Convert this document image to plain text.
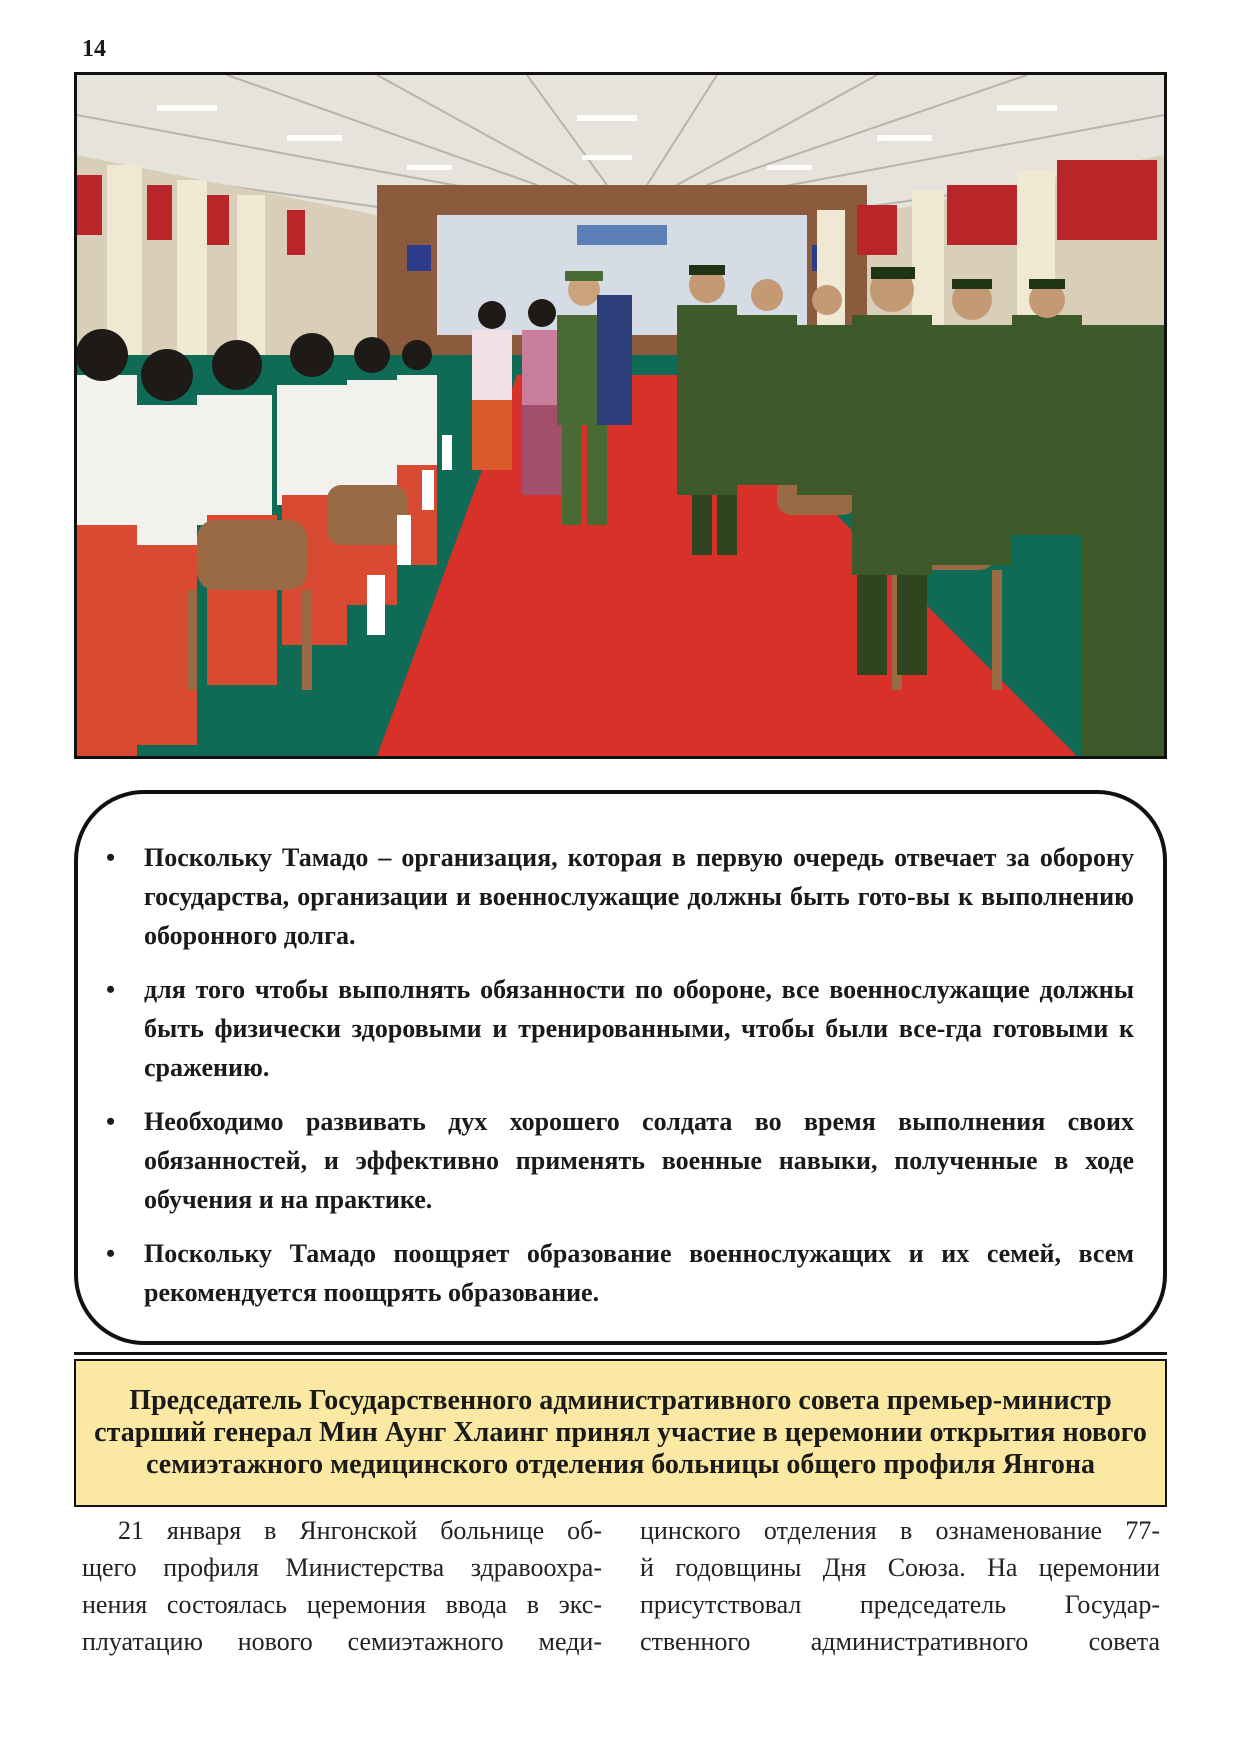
14
• Поскольку Тамадо – организация, которая в первую очередь отвечает за оборону государства, организации и военнослужащие должны быть гото-вы к выполнению оборонного долга.
• для того чтобы выполнять обязанности по обороне, все военнослужащие должны быть физически здоровыми и тренированными, чтобы были все-гда готовыми к сражению.
• Необходимо развивать дух хорошего солдата во время выполнения своих обязанностей, и эффективно применять военные навыки, полученные в ходе обучения и на практике.
• Поскольку Тамадо поощряет образование военнослужащих и их семей, всем рекомендуется поощрять образование.
Председатель Государственного административного совета премьер-министр старший генерал Мин Аунг Хлаинг принял участие в церемонии открытия нового семиэтажного медицинского отделения больницы общего профиля Янгона
21 января в Янгонской больнице об-
щего профиля Министерства здравоохра-
нения состоялась церемония ввода в экс-
плуатацию нового семиэтажного меди-
цинского отделения в ознаменование 77-
й годовщины Дня Союза. На церемонии
присутствовал председатель Государ-
ственного административного совета
